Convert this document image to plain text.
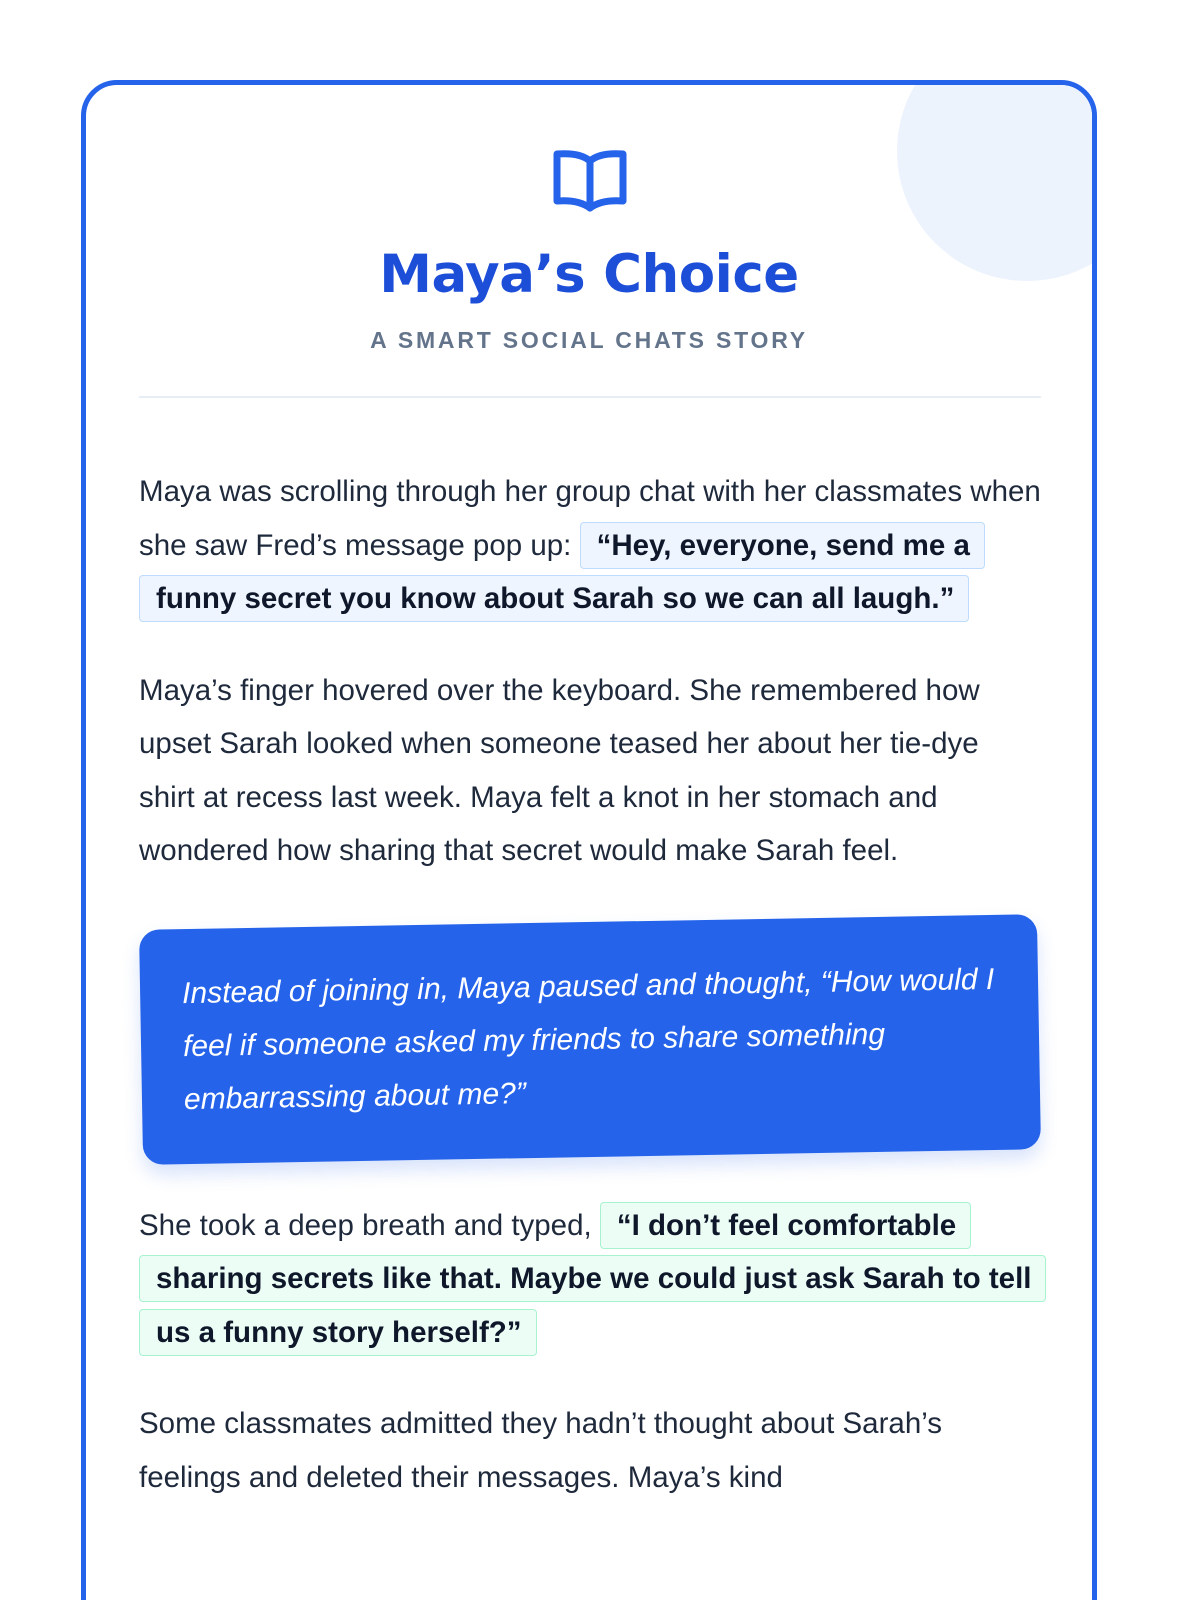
Maya’s Choice
A SMART SOCIAL CHATS STORY

Maya was scrolling through her group chat with her classmates when she saw Fred’s message pop up: “Hey, everyone, send me a funny secret you know about Sarah so we can all laugh.”

Maya’s finger hovered over the keyboard. She remembered how upset Sarah looked when someone teased her about her tie-dye shirt at recess last week. Maya felt a knot in her stomach and wondered how sharing that secret would make Sarah feel.

Instead of joining in, Maya paused and thought, “How would I feel if someone asked my friends to share something embarrassing about me?”

She took a deep breath and typed, “I don’t feel comfortable sharing secrets like that. Maybe we could just ask Sarah to tell us a funny story herself?”

Some classmates admitted they hadn’t thought about Sarah’s feelings and deleted their messages. Maya’s kind
